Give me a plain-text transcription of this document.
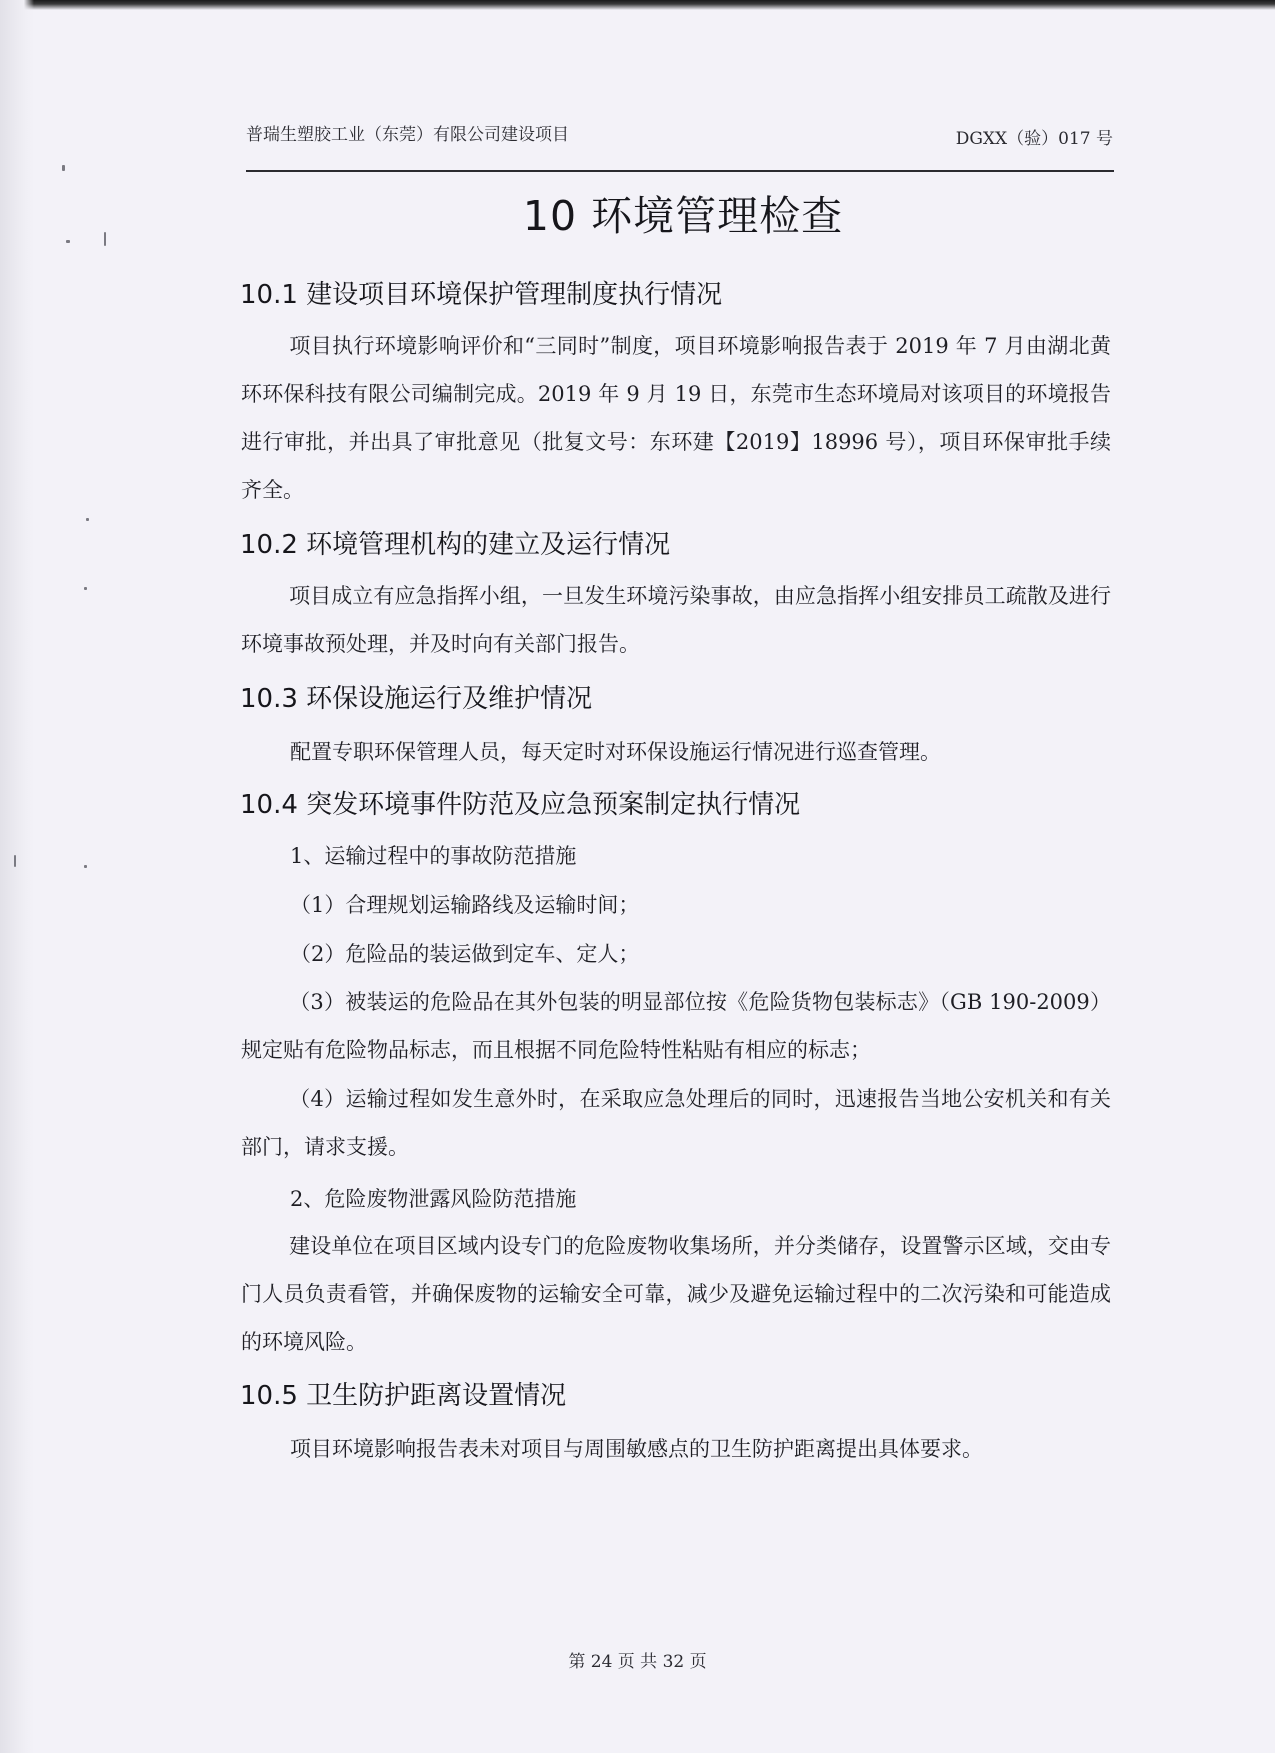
普瑞生塑胶工业（东莞）有限公司建设项目	DGXX（验）017 号
10 环境管理检查
10.1 建设项目环境保护管理制度执行情况
项目执行环境影响评价和“三同时”制度，项目环境影响报告表于 2019 年 7 月由湖北黄环环保科技有限公司编制完成。2019 年 9 月 19 日，东莞市生态环境局对该项目的环境报告进行审批，并出具了审批意见（批复文号：东环建【2019】18996 号），项目环保审批手续齐全。
10.2 环境管理机构的建立及运行情况
项目成立有应急指挥小组，一旦发生环境污染事故，由应急指挥小组安排员工疏散及进行环境事故预处理，并及时向有关部门报告。
10.3 环保设施运行及维护情况
配置专职环保管理人员，每天定时对环保设施运行情况进行巡查管理。
10.4 突发环境事件防范及应急预案制定执行情况
1、运输过程中的事故防范措施
（1）合理规划运输路线及运输时间；
（2）危险品的装运做到定车、定人；
（3）被装运的危险品在其外包装的明显部位按《危险货物包装标志》（GB 190-2009）规定贴有危险物品标志，而且根据不同危险特性粘贴有相应的标志；
（4）运输过程如发生意外时，在采取应急处理后的同时，迅速报告当地公安机关和有关部门，请求支援。
2、危险废物泄露风险防范措施
建设单位在项目区域内设专门的危险废物收集场所，并分类储存，设置警示区域，交由专门人员负责看管，并确保废物的运输安全可靠，减少及避免运输过程中的二次污染和可能造成的环境风险。
10.5 卫生防护距离设置情况
项目环境影响报告表未对项目与周围敏感点的卫生防护距离提出具体要求。
第 24 页 共 32 页
